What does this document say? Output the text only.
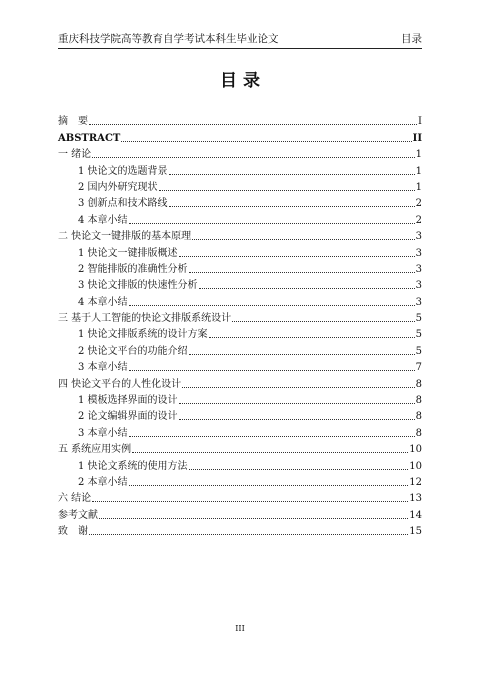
重庆科技学院高等教育自学考试本科生毕业论文	目录
目 录
摘　要	I
ABSTRACT	II
一 绪论	1
1 快论文的选题背景	1
2 国内外研究现状	1
3 创新点和技术路线	2
4 本章小结	2
二 快论文一键排版的基本原理	3
1 快论文一键排版概述	3
2 智能排版的准确性分析	3
3 快论文排版的快速性分析	3
4 本章小结	3
三 基于人工智能的快论文排版系统设计	5
1 快论文排版系统的设计方案	5
2 快论文平台的功能介绍	5
3 本章小结	7
四 快论文平台的人性化设计	8
1 模板选择界面的设计	8
2 论文编辑界面的设计	8
3 本章小结	8
五 系统应用实例	10
1 快论文系统的使用方法	10
2 本章小结	12
六 结论	13
参考文献	14
致　谢	15
III
